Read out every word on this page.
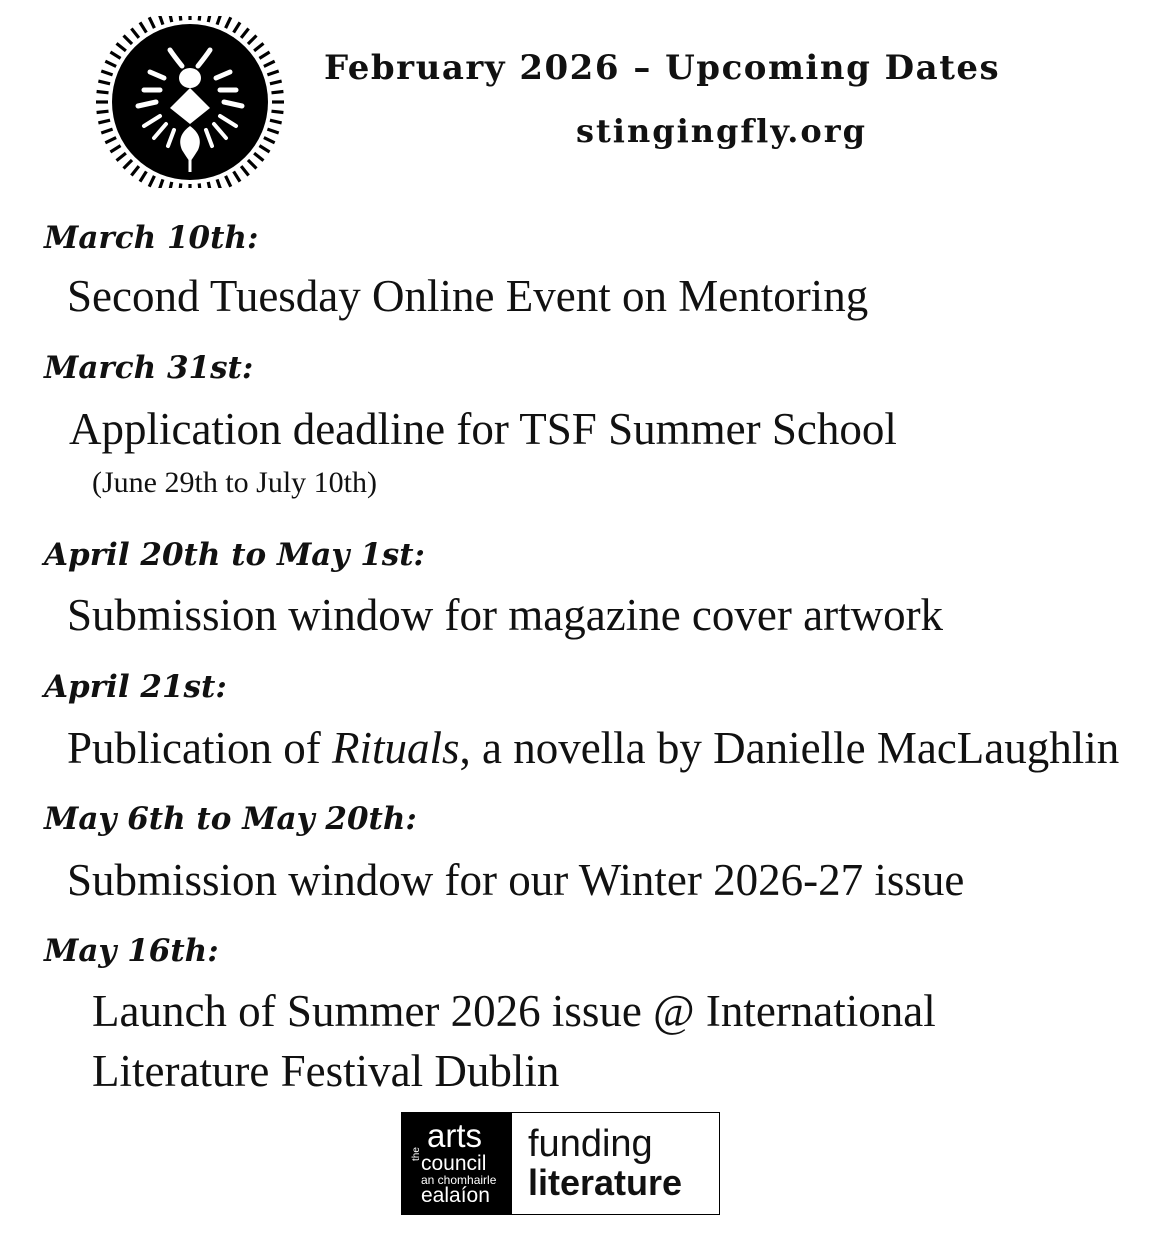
February 2026 – Upcoming Dates
stingingfly.org
March 10th:
Second Tuesday Online Event on Mentoring
March 31st:
Application deadline for TSF Summer School
(June 29th to July 10th)
April 20th to May 1st:
Submission window for magazine cover artwork
April 21st:
Publication of Rituals, a novella by Danielle MacLaughlin
May 6th to May 20th:
Submission window for our Winter 2026-27 issue
May 16th:
Launch of Summer 2026 issue @ International
Literature Festival Dublin
the
arts
council
an chomhairle
ealaíon
funding
literature
